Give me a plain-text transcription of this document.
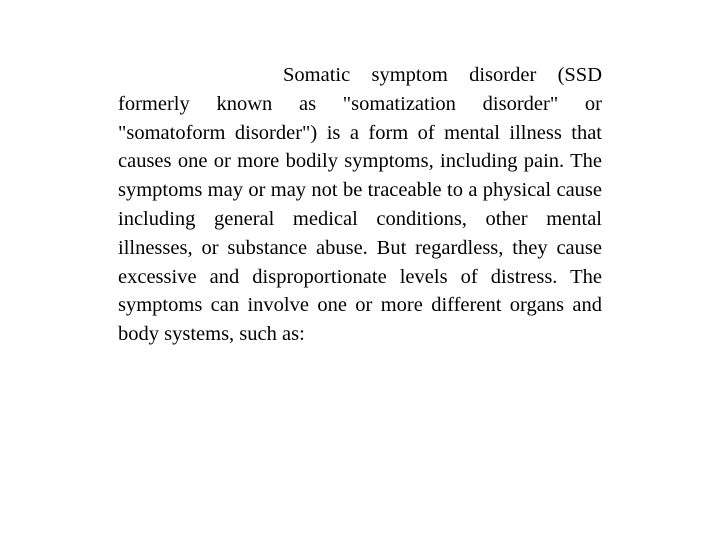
Somatic symptom disorder (SSD formerly known as "somatization disorder" or "somatoform disorder") is a form of mental illness that causes one or more bodily symptoms, including pain. The symptoms may or may not be traceable to a physical cause including general medical conditions, other mental illnesses, or substance abuse. But regardless, they cause excessive and disproportionate levels of distress. The symptoms can involve one or more different organs and body systems, such as:
